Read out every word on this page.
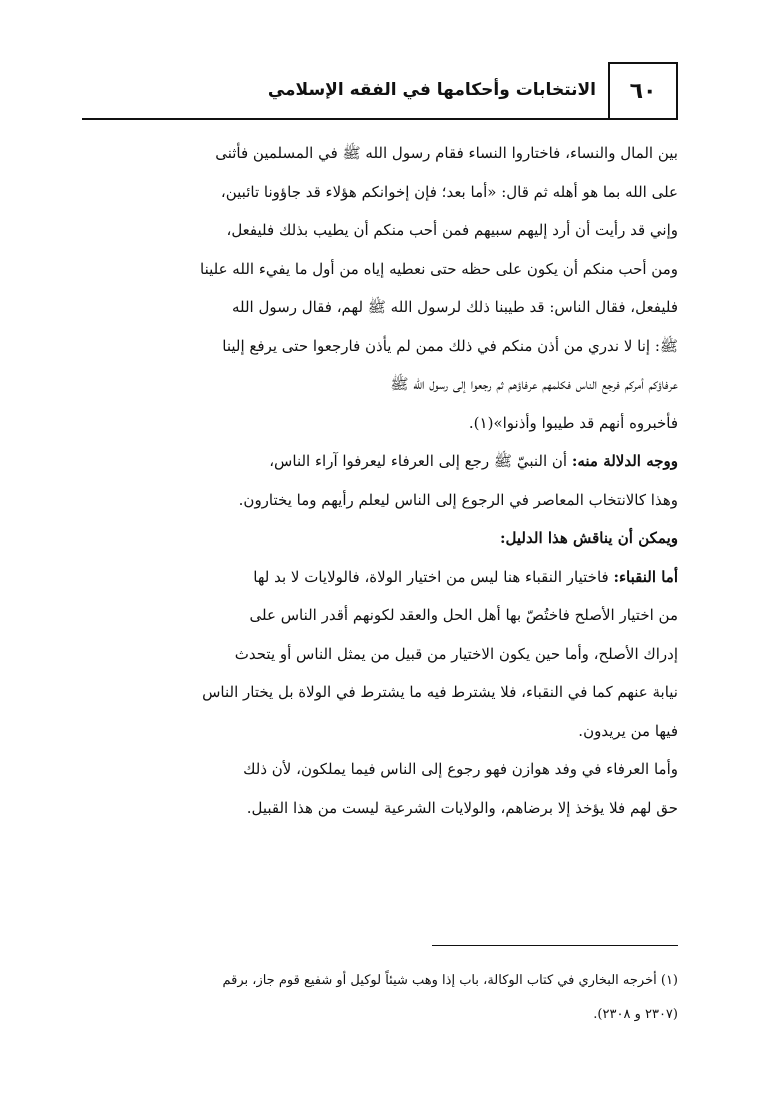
٦٠
الانتخابات وأحكامها في الفقه الإسلامي
بين المال والنساء، فاختاروا النساء فقام رسول الله ﷺ في المسلمين فأثنى
على الله بما هو أهله ثم قال: «أما بعد؛ فإن إخوانكم هؤلاء قد جاؤونا تائبين،
وإني قد رأيت أن أرد إليهم سبيهم فمن أحب منكم أن يطيب بذلك فليفعل،
ومن أحب منكم أن يكون على حظه حتى نعطيه إياه من أول ما يفيء الله علينا
فليفعل، فقال الناس: قد طيبنا ذلك لرسول الله ﷺ لهم، فقال رسول الله
ﷺ: إنا لا ندري من أذن منكم في ذلك ممن لم يأذن فارجعوا حتى يرفع إلينا
عرفاؤكم أمركم فرجع الناس فكلمهم عرفاؤهم ثم رجعوا إلى رسول الله ﷺ
فأخبروه أنهم قد طيبوا وأذنوا»(١).
ووجه الدلالة منه: أن النبيّ ﷺ رجع إلى العرفاء ليعرفوا آراء الناس،
وهذا كالانتخاب المعاصر في الرجوع إلى الناس ليعلم رأيهم وما يختارون.
ويمكن أن يناقش هذا الدليل:
أما النقباء: فاختيار النقباء هنا ليس من اختيار الولاة، فالولايات لا بد لها
من اختيار الأصلح فاختُصّ بها أهل الحل والعقد لكونهم أقدر الناس على
إدراك الأصلح، وأما حين يكون الاختيار من قبيل من يمثل الناس أو يتحدث
نيابة عنهم كما في النقباء، فلا يشترط فيه ما يشترط في الولاة بل يختار الناس
فيها من يريدون.
وأما العرفاء في وفد هوازن فهو رجوع إلى الناس فيما يملكون، لأن ذلك
حق لهم فلا يؤخذ إلا برضاهم، والولايات الشرعية ليست من هذا القبيل.
(١) أخرجه البخاري في كتاب الوكالة، باب إذا وهب شيئاً لوكيل أو شفيع قوم جاز، برقم
(٢٣٠٧ و ٢٣٠٨).
